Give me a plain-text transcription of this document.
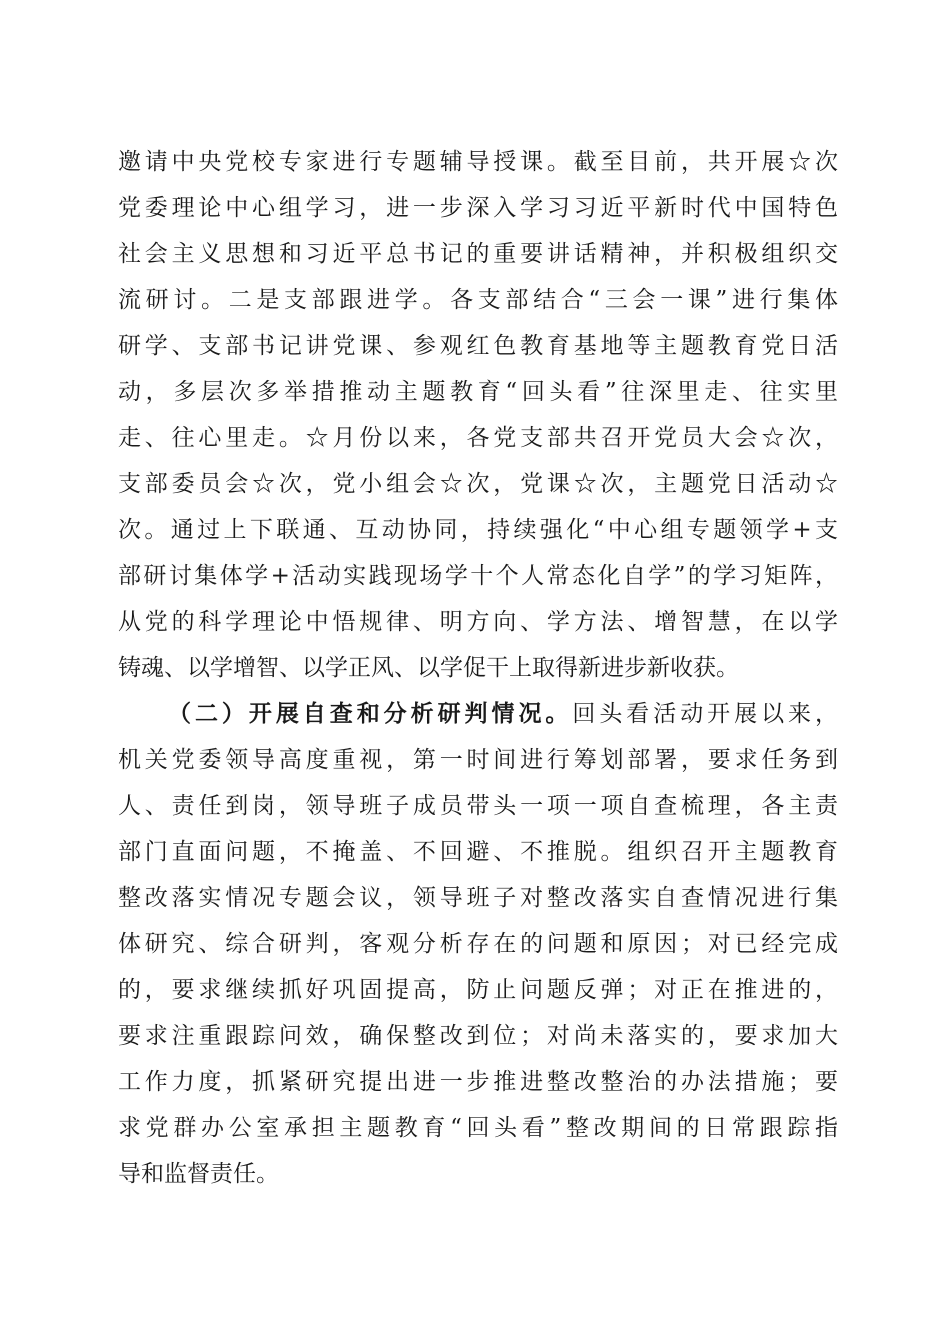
邀请中央党校专家进行专题辅导授课。截至目前，共开展☆次
党委理论中心组学习，进一步深入学习习近平新时代中国特色
社会主义思想和习近平总书记的重要讲话精神，并积极组织交
流研讨。二是支部跟进学。各支部结合“三会一课”进行集体
研学、支部书记讲党课、参观红色教育基地等主题教育党日活
动，多层次多举措推动主题教育“回头看”往深里走、往实里
走、往心里走。☆月份以来，各党支部共召开党员大会☆次，
支部委员会☆次，党小组会☆次，党课☆次，主题党日活动☆
次。通过上下联通、互动协同，持续强化“中心组专题领学+支
部研讨集体学+活动实践现场学十个人常态化自学”的学习矩阵，
从党的科学理论中悟规律、明方向、学方法、增智慧，在以学
铸魂、以学增智、以学正风、以学促干上取得新进步新收获。
（二）开展自查和分析研判情况。回头看活动开展以来，
机关党委领导高度重视，第一时间进行筹划部署，要求任务到
人、责任到岗，领导班子成员带头一项一项自查梳理，各主责
部门直面问题，不掩盖、不回避、不推脱。组织召开主题教育
整改落实情况专题会议，领导班子对整改落实自查情况进行集
体研究、综合研判，客观分析存在的问题和原因；对已经完成
的，要求继续抓好巩固提高，防止问题反弹；对正在推进的，
要求注重跟踪问效，确保整改到位；对尚未落实的，要求加大
工作力度，抓紧研究提出进一步推进整改整治的办法措施；要
求党群办公室承担主题教育“回头看”整改期间的日常跟踪指
导和监督责任。
